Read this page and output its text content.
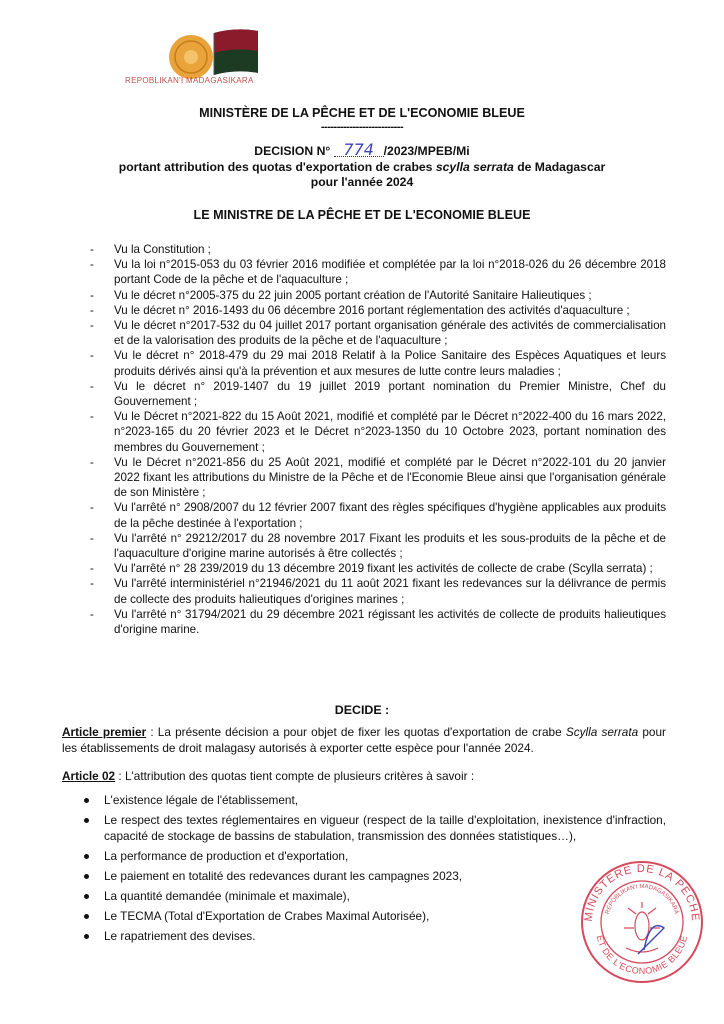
REPOBLIKAN'I MADAGASIKARA
MINISTÈRE DE LA PÊCHE ET DE L'ECONOMIE BLEUE
--------------------------
DECISION N° 774 /2023/MPEB/Mi
portant attribution des quotas d'exportation de crabes scylla serrata de Madagascar
pour l'année 2024
LE MINISTRE DE LA PÊCHE ET DE L'ECONOMIE BLEUE
- Vu la Constitution ;
- Vu la loi n°2015-053 du 03 février 2016 modifiée et complétée par la loi n°2018-026 du 26 décembre 2018 portant Code de la pêche et de l'aquaculture ;
- Vu le décret n°2005-375 du 22 juin 2005 portant création de l'Autorité Sanitaire Halieutiques ;
- Vu le décret n° 2016-1493 du 06 décembre 2016 portant réglementation des activités d'aquaculture ;
- Vu le décret n°2017-532 du 04 juillet 2017 portant organisation générale des activités de commercialisation et de la valorisation des produits de la pêche et de l'aquaculture ;
- Vu le décret n° 2018-479 du 29 mai 2018 Relatif à la Police Sanitaire des Espèces Aquatiques et leurs produits dérivés ainsi qu'à la prévention et aux mesures de lutte contre leurs maladies ;
- Vu le décret n° 2019-1407 du 19 juillet 2019 portant nomination du Premier Ministre, Chef du Gouvernement ;
- Vu le Décret n°2021-822 du 15 Août 2021, modifié et complété par le Décret n°2022-400 du 16 mars 2022, n°2023-165 du 20 février 2023 et le Décret n°2023-1350 du 10 Octobre 2023, portant nomination des membres du Gouvernement ;
- Vu le Décret n°2021-856 du 25 Août 2021, modifié et complété par le Décret n°2022-101 du 20 janvier 2022 fixant les attributions du Ministre de la Pêche et de l'Economie Bleue ainsi que l'organisation générale de son Ministère ;
- Vu l'arrêté n° 2908/2007 du 12 février 2007 fixant des règles spécifiques d'hygiène applicables aux produits de la pêche destinée à l'exportation ;
- Vu l'arrêté n° 29212/2017 du 28 novembre 2017 Fixant les produits et les sous-produits de la pêche et de l'aquaculture d'origine marine autorisés à être collectés ;
- Vu l'arrêté n° 28 239/2019 du 13 décembre 2019 fixant les activités de collecte de crabe (Scylla serrata) ;
- Vu l'arrêté interministériel n°21946/2021 du 11 août 2021 fixant les redevances sur la délivrance de permis de collecte des produits halieutiques d'origines marines ;
- Vu l'arrêté n° 31794/2021 du 29 décembre 2021 régissant les activités de collecte de produits halieutiques d'origine marine.
DECIDE :
Article premier : La présente décision a pour objet de fixer les quotas d'exportation de crabe Scylla serrata pour les établissements de droit malagasy autorisés à exporter cette espèce pour l'année 2024.
Article 02 : L'attribution des quotas tient compte de plusieurs critères à savoir :
L'existence légale de l'établissement,
Le respect des textes réglementaires en vigueur (respect de la taille d'exploitation, inexistence d'infraction, capacité de stockage de bassins de stabulation, transmission des données statistiques…),
La performance de production et d'exportation,
Le paiement en totalité des redevances durant les campagnes 2023,
La quantité demandée (minimale et maximale),
Le TECMA (Total d'Exportation de Crabes Maximal Autorisée),
Le rapatriement des devises.
MINISTERE DE LA PECHE
REPOBLIKAN'I MADAGASIKARA
ET DE L'ECONOMIE BLEUE
